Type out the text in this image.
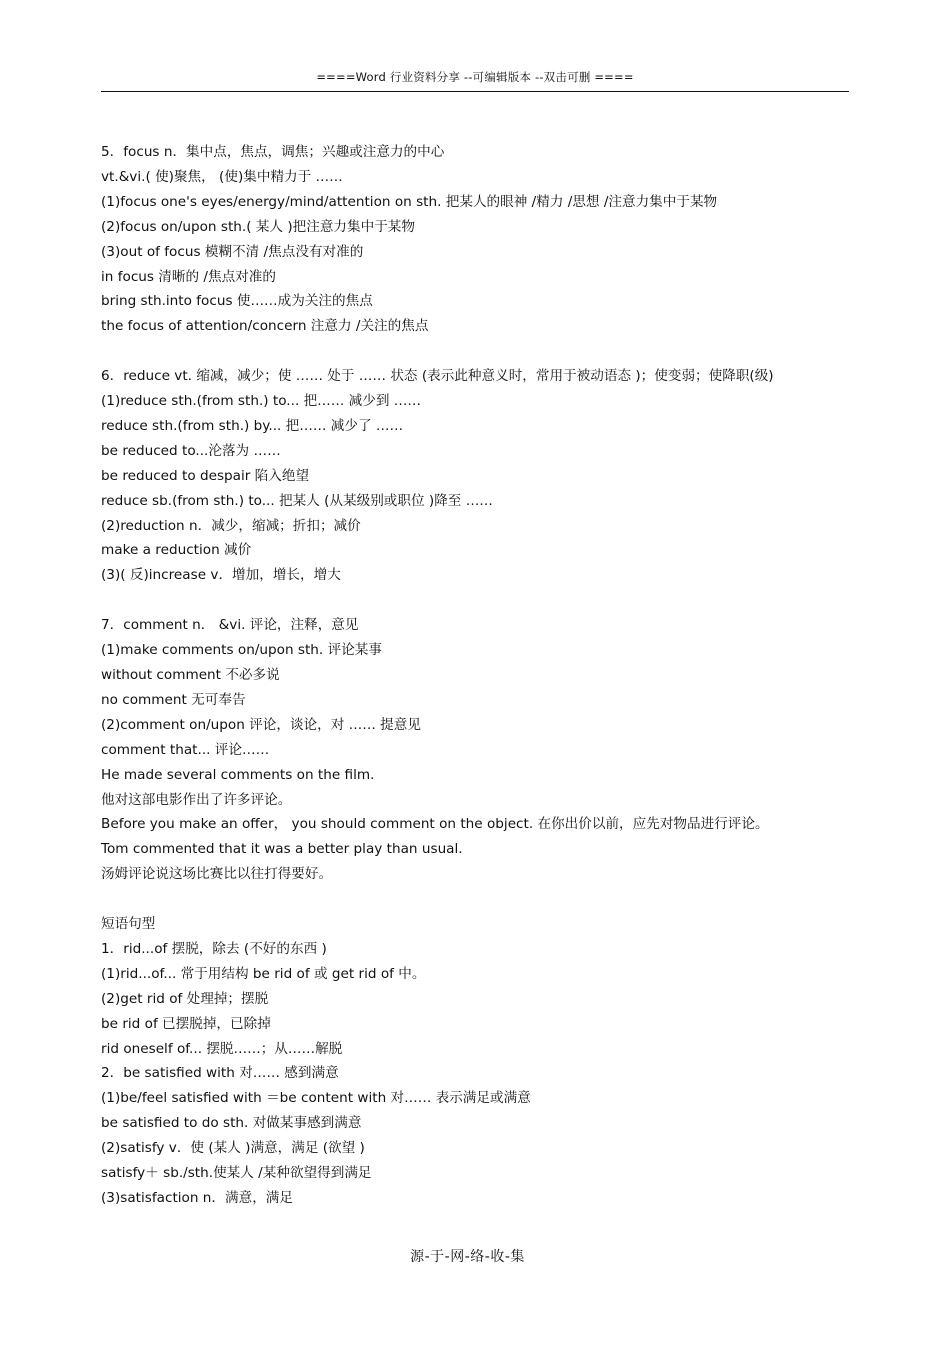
====Word 行业资料分享 --可编辑版本 --双击可删 ====
5．focus n．集中点，焦点，调焦；兴趣或注意力的中心
vt.&vi.( 使)聚焦， (使)集中精力于 ……
(1)focus one's eyes/energy/mind/attention on sth. 把某人的眼神 /精力 /思想 /注意力集中于某物
(2)focus on/upon sth.( 某人 )把注意力集中于某物
(3)out of focus 模糊不清 /焦点没有对准的
in focus 清晰的 /焦点对准的
bring sth.into focus 使……成为关注的焦点
the focus of attention/concern 注意力 /关注的焦点
6．reduce vt. 缩减，减少；使 …… 处于 …… 状态 (表示此种意义时，常用于被动语态 )；使变弱；使降职(级)
(1)reduce sth.(from sth.) to... 把…… 减少到 ……
reduce sth.(from sth.) by... 把…… 减少了 ……
be reduced to...沦落为 ……
be reduced to despair 陷入绝望
reduce sb.(from sth.) to... 把某人 (从某级别或职位 )降至 ……
(2)reduction n．减少，缩减；折扣；减价
make a reduction 减价
(3)( 反)increase v．增加，增长，增大
7．comment n． &vi. 评论，注释，意见
(1)make comments on/upon sth. 评论某事
without comment 不必多说
no comment 无可奉告
(2)comment on/upon 评论，谈论，对 …… 提意见
comment that... 评论……
He made several comments on the film.
他对这部电影作出了许多评论。
Before you make an offer， you should comment on the object. 在你出价以前，应先对物品进行评论。
Tom commented that it was a better play than usual.
汤姆评论说这场比赛比以往打得要好。
短语句型
1．rid...of 摆脱，除去 (不好的东西 )
(1)rid...of... 常于用结构 be rid of 或 get rid of 中。
(2)get rid of 处理掉；摆脱
be rid of 已摆脱掉，已除掉
rid oneself of... 摆脱……；从……解脱
2．be satisfied with 对…… 感到满意
(1)be/feel satisfied with ＝be content with 对…… 表示满足或满意
be satisfied to do sth. 对做某事感到满意
(2)satisfy v．使 (某人 )满意，满足 (欲望 )
satisfy＋ sb./sth.使某人 /某种欲望得到满足
(3)satisfaction n．满意，满足
源-于-网-络-收-集
